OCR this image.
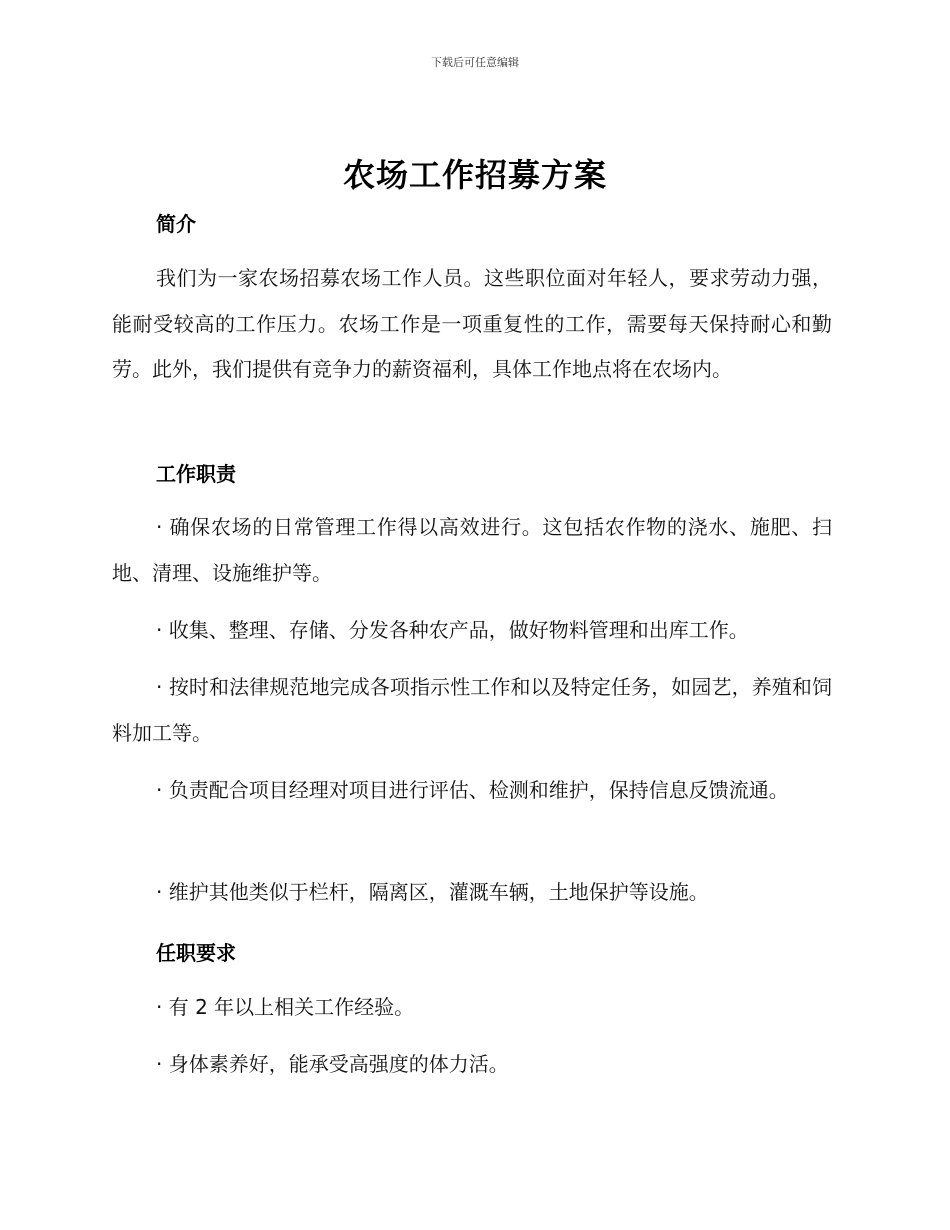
下载后可任意编辑
农场工作招募方案
简介
我们为一家农场招募农场工作人员。这些职位面对年轻人，要求劳动力强，能耐受较高的工作压力。农场工作是一项重复性的工作，需要每天保持耐心和勤劳。此外，我们提供有竞争力的薪资福利，具体工作地点将在农场内。
工作职责
· 确保农场的日常管理工作得以高效进行。这包括农作物的浇水、施肥、扫地、清理、设施维护等。
· 收集、整理、存储、分发各种农产品，做好物料管理和出库工作。
· 按时和法律规范地完成各项指示性工作和以及特定任务，如园艺，养殖和饲料加工等。
· 负责配合项目经理对项目进行评估、检测和维护，保持信息反馈流通。
· 维护其他类似于栏杆，隔离区，灌溉车辆，土地保护等设施。
任职要求
· 有 2 年以上相关工作经验。
· 身体素养好，能承受高强度的体力活。
